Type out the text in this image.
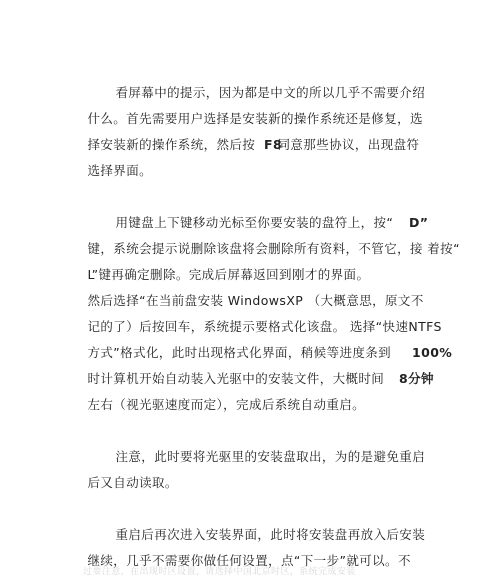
看屏幕中的提示，因为都是中文的所以几乎不需要介绍

什么。首先需要用户选择是安装新的操作系统还是修复，选

择安装新的操作系统，然后按
F8

同意那些协议，出现盘符

选择界面。

用键盘上下键移动光标至你要安装的盘符上，按“
	D”

键，系统会提示说删除该盘将会删除所有资料，不管它，接 着按“

L”键再确定删除。完成后屏幕返回到刚才的界面。

然后选择“在当前盘安装 WindowsXP （大概意思，原文不

记的了）后按回车，系统提示要格式化该盘。 选择“快速NTFS

方式”格式化，此时出现格式化界面，稍候等进度条到
	100%

时计算机开始自动装入光驱中的安装文件，大概时间
	8分钟

左右（视光驱速度而定），完成后系统自动重启。

注意，此时要将光驱里的安装盘取出，为的是避免重启

后又自动读取。

重启后再次进入安装界面，此时将安装盘再放入后安装

继续，几乎不需要你做任何设置，点“下一步”就可以。不

过要注意，在出现时区设置，请选择中国北京时区，系统完成安装
